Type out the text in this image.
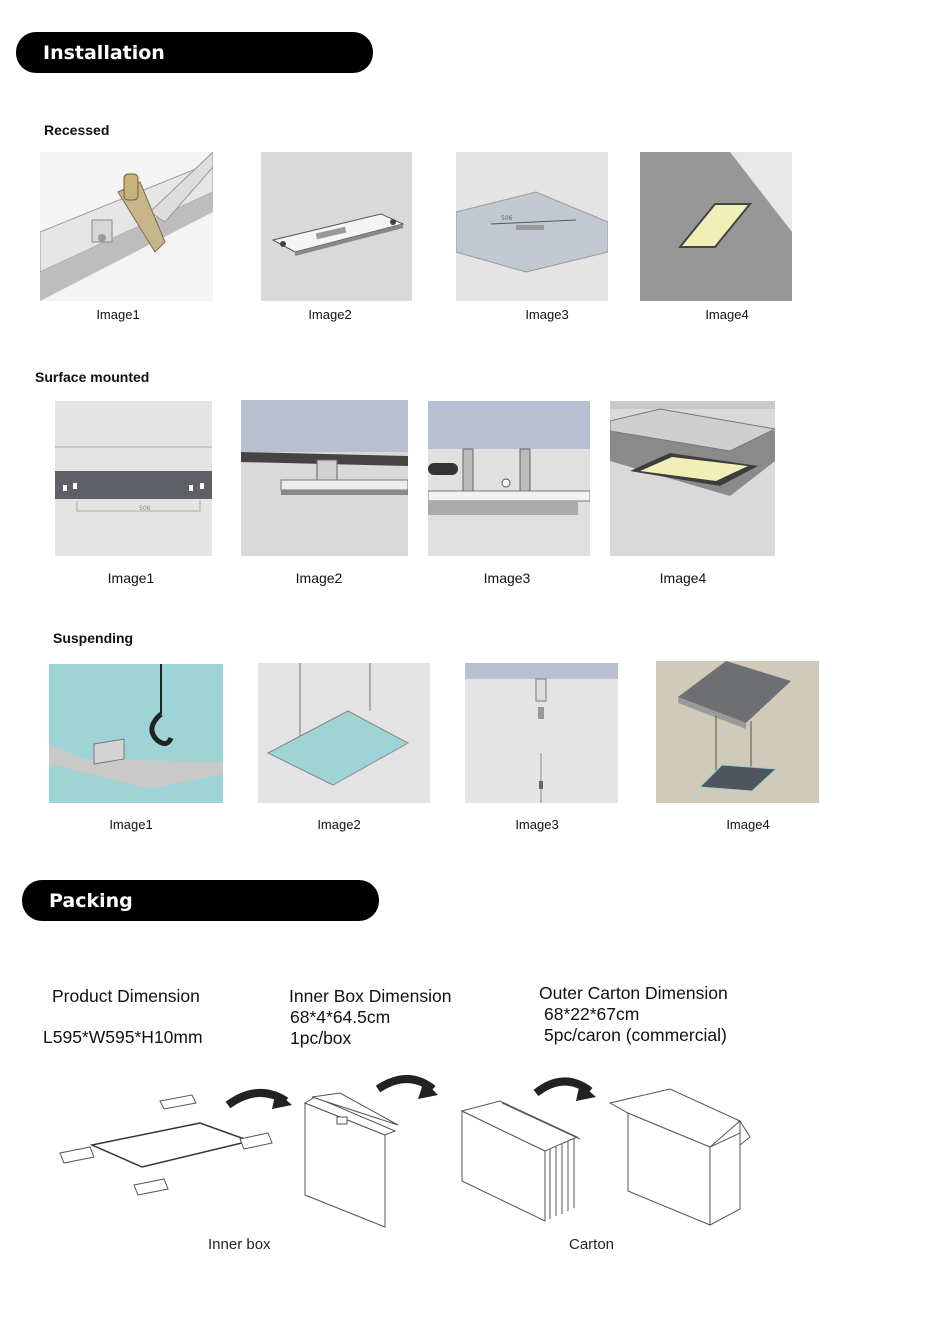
Installation
Recessed
506
Image1	Image2	Image3	Image4
Surface mounted
506
Image1	Image2	Image3	Image4
Suspending
Image1	Image2	Image3	Image4
Packing
Product Dimension
L595*W595*H10mm
Inner Box Dimension
68*4*64.5cm
1pc/box
Outer Carton Dimension
68*22*67cm
5pc/caron (commercial)
Inner box	Carton
